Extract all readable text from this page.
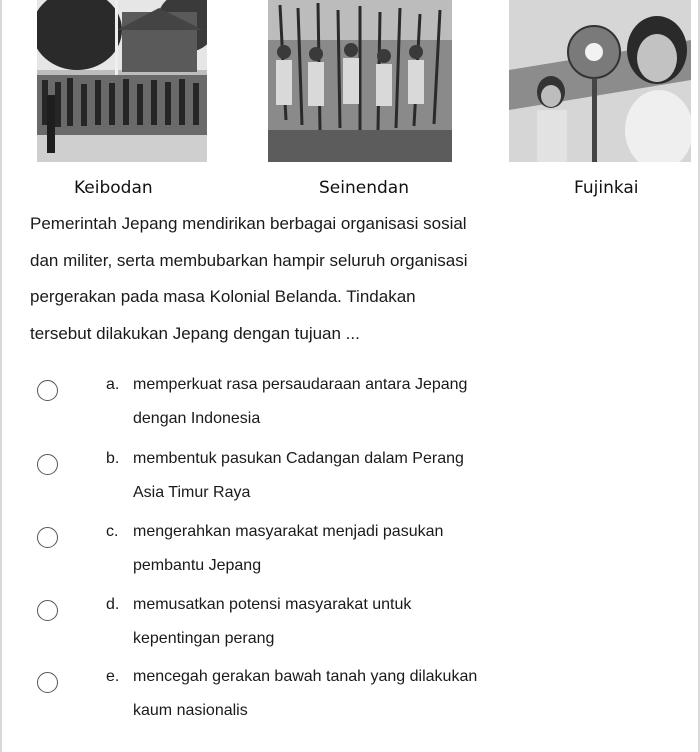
Keibodan	Seinendan	Fujinkai
Pemerintah Jepang mendirikan berbagai organisasi sosial
dan militer, serta membubarkan hampir seluruh organisasi
pergerakan pada masa Kolonial Belanda. Tindakan
tersebut dilakukan Jepang dengan tujuan ...
a. memperkuat rasa persaudaraan antara Jepang
dengan Indonesia
b. membentuk pasukan Cadangan dalam Perang
Asia Timur Raya
c. mengerahkan masyarakat menjadi pasukan
pembantu Jepang
d. memusatkan potensi masyarakat untuk
kepentingan perang
e. mencegah gerakan bawah tanah yang dilakukan
kaum nasionalis
